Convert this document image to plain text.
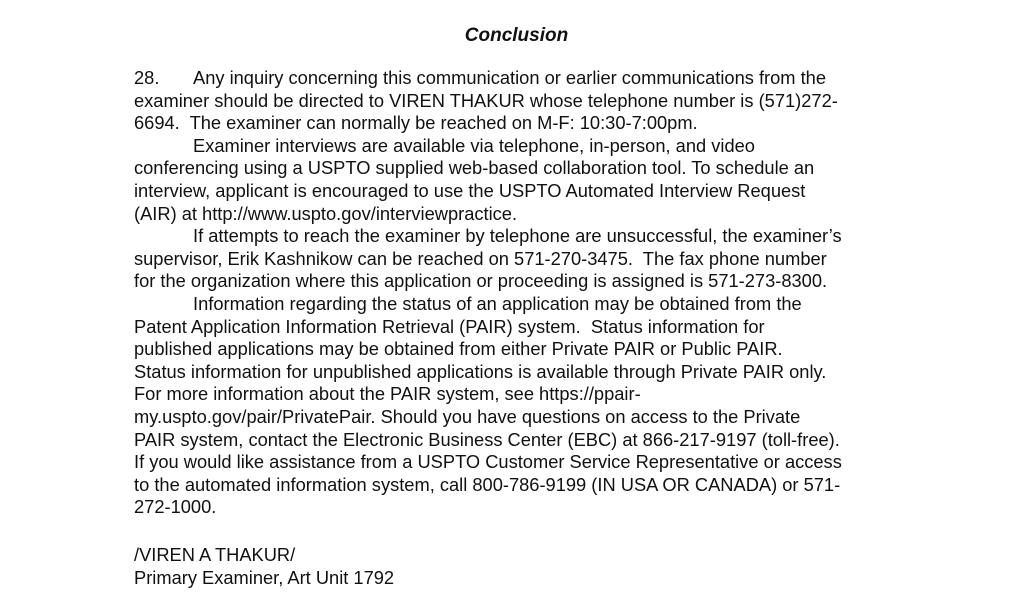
Conclusion
28. Any inquiry concerning this communication or earlier communications from the
examiner should be directed to VIREN THAKUR whose telephone number is (571)272-
6694.  The examiner can normally be reached on M-F: 10:30-7:00pm.
Examiner interviews are available via telephone, in-person, and video
conferencing using a USPTO supplied web-based collaboration tool. To schedule an
interview, applicant is encouraged to use the USPTO Automated Interview Request
(AIR) at http://www.uspto.gov/interviewpractice.
If attempts to reach the examiner by telephone are unsuccessful, the examiner’s
supervisor, Erik Kashnikow can be reached on 571-270-3475.  The fax phone number
for the organization where this application or proceeding is assigned is 571-273-8300.
Information regarding the status of an application may be obtained from the
Patent Application Information Retrieval (PAIR) system.  Status information for
published applications may be obtained from either Private PAIR or Public PAIR.
Status information for unpublished applications is available through Private PAIR only.
For more information about the PAIR system, see https://ppair-
my.uspto.gov/pair/PrivatePair. Should you have questions on access to the Private
PAIR system, contact the Electronic Business Center (EBC) at 866-217-9197 (toll-free).
If you would like assistance from a USPTO Customer Service Representative or access
to the automated information system, call 800-786-9199 (IN USA OR CANADA) or 571-
272-1000.
/VIREN A THAKUR/
Primary Examiner, Art Unit 1792
